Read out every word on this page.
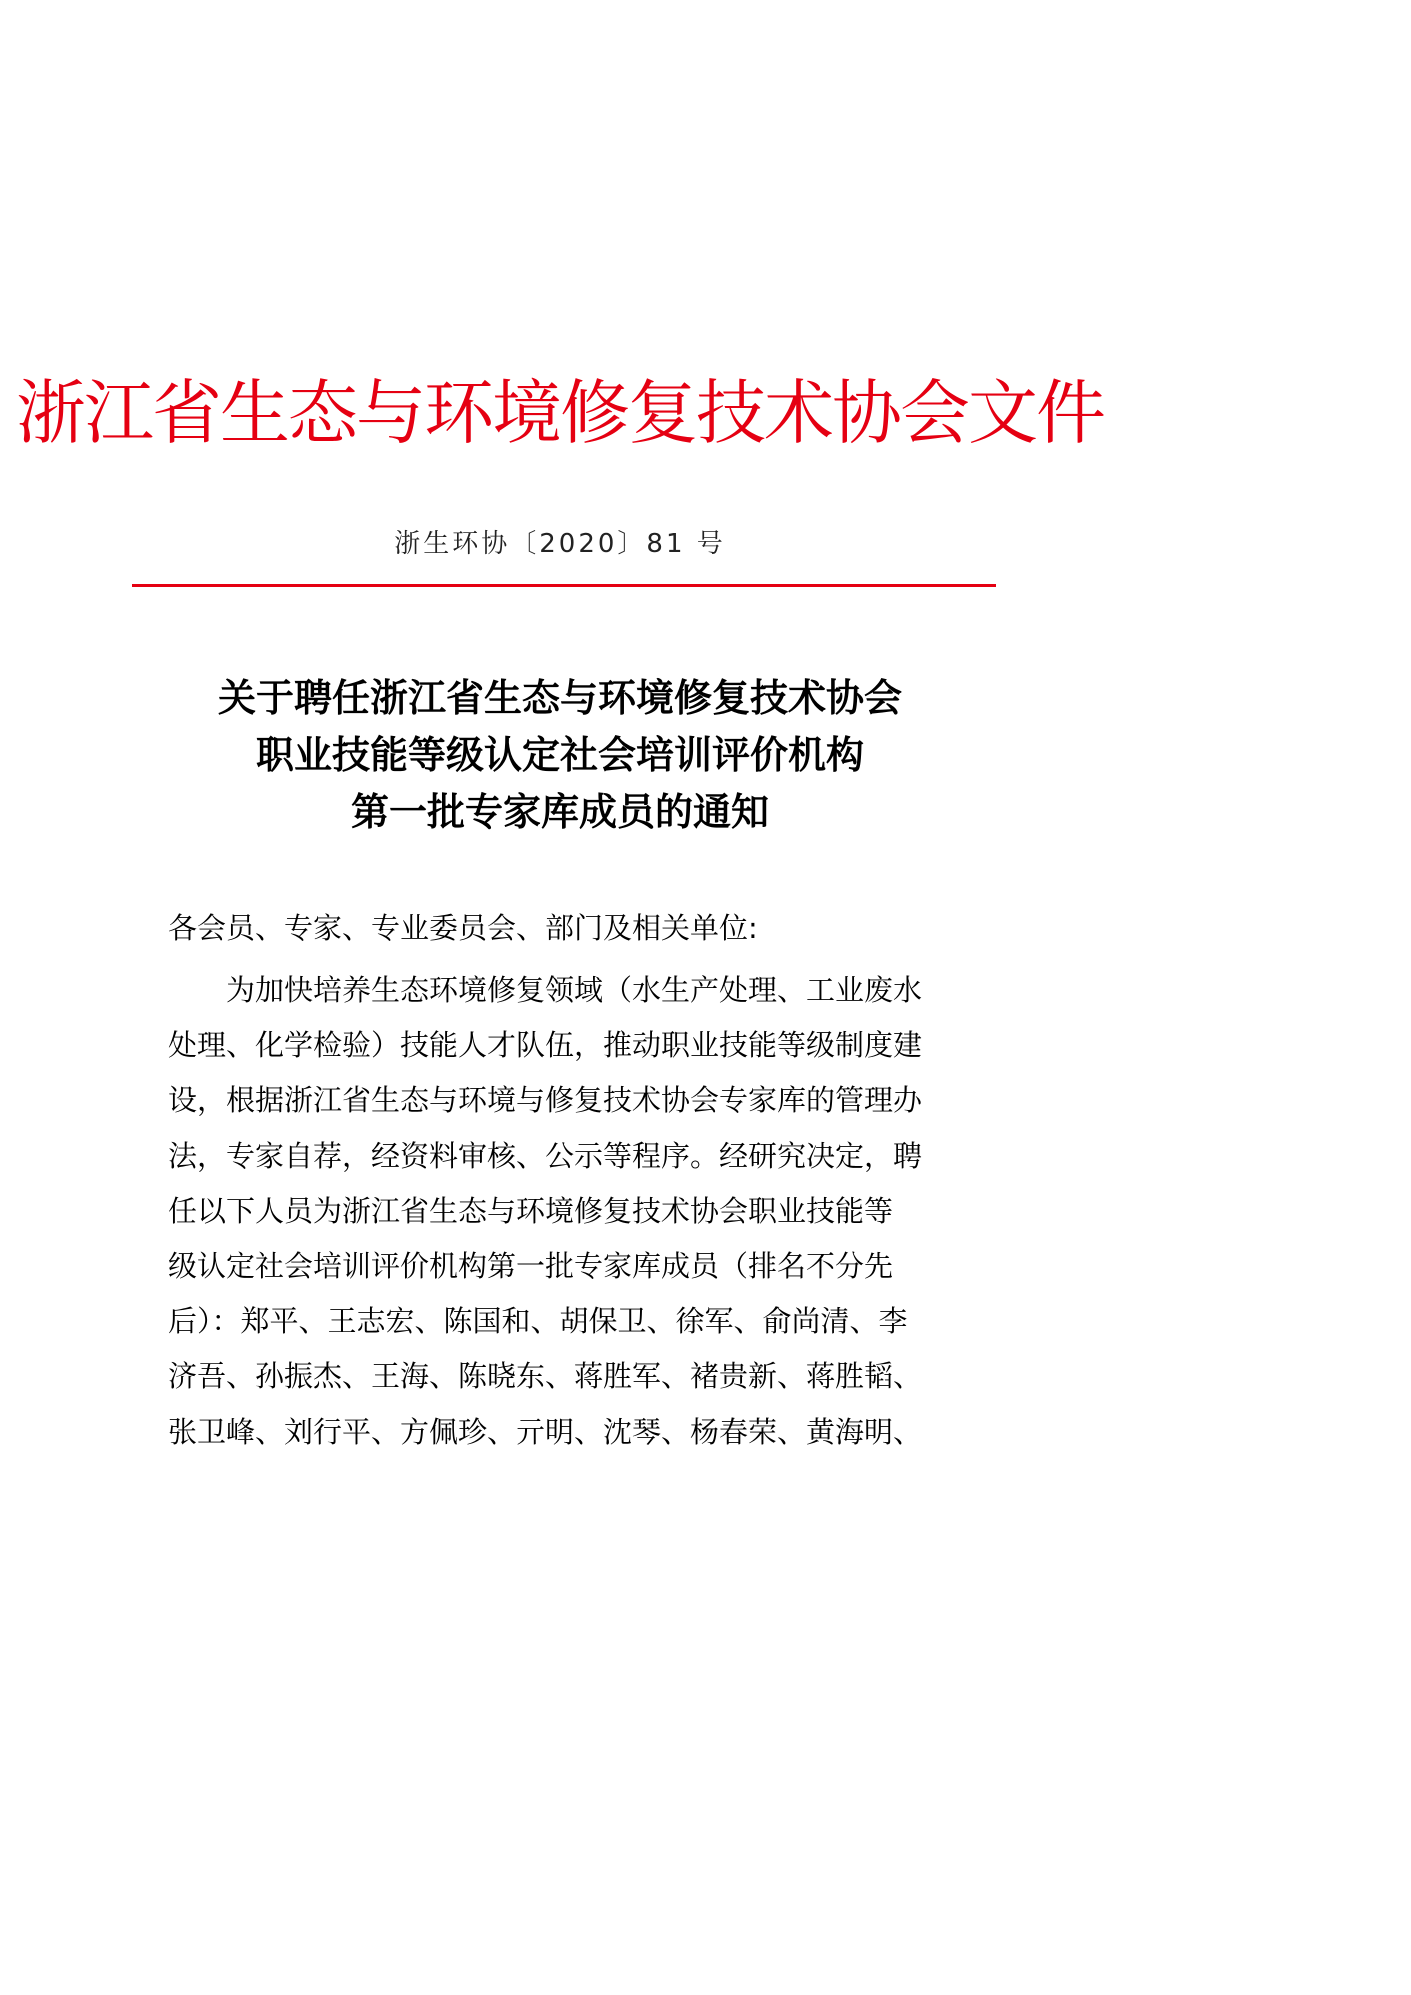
浙江省生态与环境修复技术协会文件
浙生环协〔2020〕81 号
关于聘任浙江省生态与环境修复技术协会
职业技能等级认定社会培训评价机构
第一批专家库成员的通知
各会员、专家、专业委员会、部门及相关单位:
为加快培养生态环境修复领域（水生产处理、工业废水
处理、化学检验）技能人才队伍，推动职业技能等级制度建
设，根据浙江省生态与环境与修复技术协会专家库的管理办
法，专家自荐，经资料审核、公示等程序。经研究决定，聘
任以下人员为浙江省生态与环境修复技术协会职业技能等
级认定社会培训评价机构第一批专家库成员（排名不分先
后）：郑平、王志宏、陈国和、胡保卫、徐军、俞尚清、李
济吾、孙振杰、王海、陈晓东、蒋胜军、褚贵新、蒋胜韬、
张卫峰、刘行平、方佩珍、亓明、沈琴、杨春荣、黄海明、
